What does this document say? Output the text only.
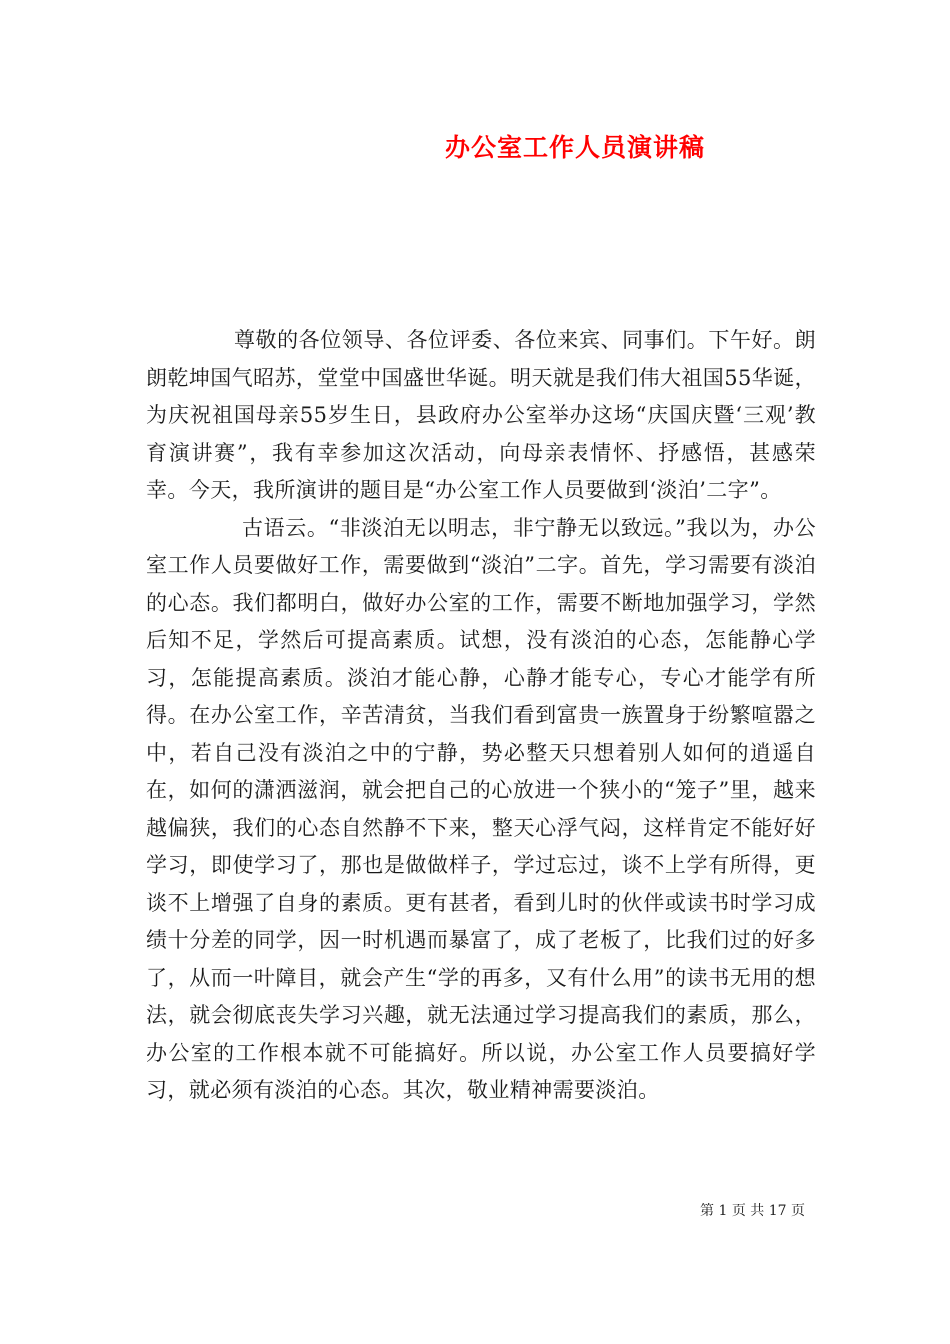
办公室工作人员演讲稿

尊敬的各位领导、各位评委、各位来宾、同事们。下午好。朗朗乾坤国气昭苏，堂堂中国盛世华诞。明天就是我们伟大祖国55华诞，为庆祝祖国母亲55岁生日，县政府办公室举办这场“庆国庆暨‘三观’教育演讲赛”，我有幸参加这次活动，向母亲表情怀、抒感悟，甚感荣幸。今天，我所演讲的题目是“办公室工作人员要做到‘淡泊’二字”。

古语云。“非淡泊无以明志，非宁静无以致远。”我以为，办公室工作人员要做好工作，需要做到“淡泊”二字。首先，学习需要有淡泊的心态。我们都明白，做好办公室的工作，需要不断地加强学习，学然后知不足，学然后可提高素质。试想，没有淡泊的心态，怎能静心学习，怎能提高素质。淡泊才能心静，心静才能专心，专心才能学有所得。在办公室工作，辛苦清贫，当我们看到富贵一族置身于纷繁喧嚣之中，若自己没有淡泊之中的宁静，势必整天只想着别人如何的逍遥自在，如何的潇洒滋润，就会把自己的心放进一个狭小的“笼子”里，越来越偏狭，我们的心态自然静不下来，整天心浮气闷，这样肯定不能好好学习，即使学习了，那也是做做样子，学过忘过，谈不上学有所得，更谈不上增强了自身的素质。更有甚者，看到儿时的伙伴或读书时学习成绩十分差的同学，因一时机遇而暴富了，成了老板了，比我们过的好多了，从而一叶障目，就会产生“学的再多，又有什么用”的读书无用的想法，就会彻底丧失学习兴趣，就无法通过学习提高我们的素质，那么，办公室的工作根本就不可能搞好。所以说，办公室工作人员要搞好学习，就必须有淡泊的心态。其次，敬业精神需要淡泊。

第 1 页 共 17 页
